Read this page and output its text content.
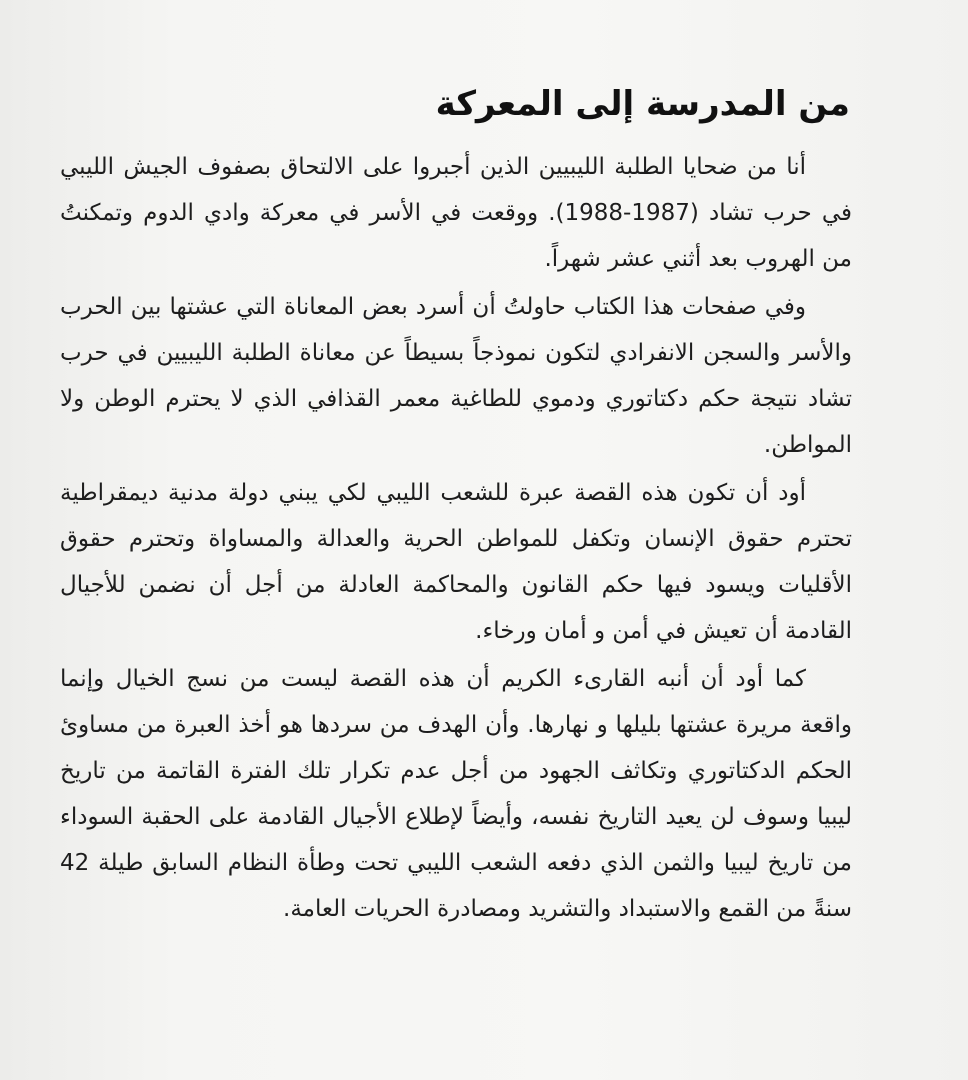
من المدرسة إلى المعركة

أنا من ضحايا الطلبة الليبيين الذين أجبروا على الالتحاق بصفوف الجيش الليبي في حرب تشاد (1987-1988). ووقعت في الأسر في معركة وادي الدوم وتمكنتُ من الهروب بعد أثني عشر شهراً.

وفي صفحات هذا الكتاب حاولتُ أن أسرد بعض المعاناة التي عشتها بين الحرب والأسر والسجن الانفرادي لتكون نموذجاً بسيطاً عن معاناة الطلبة الليبيين في حرب تشاد نتيجة حكم دكتاتوري ودموي للطاغية معمر القذافي الذي لا يحترم الوطن ولا المواطن.

أود أن تكون هذه القصة عبرة للشعب الليبي لكي يبني دولة مدنية ديمقراطية تحترم حقوق الإنسان وتكفل للمواطن الحرية والعدالة والمساواة وتحترم حقوق الأقليات ويسود فيها حكم القانون والمحاكمة العادلة من أجل أن نضمن للأجيال القادمة أن تعيش في أمن و أمان ورخاء.

كما أود أن أنبه القارىء الكريم أن هذه القصة ليست من نسج الخيال وإنما واقعة مريرة عشتها بليلها و نهارها. وأن الهدف من سردها هو أخذ العبرة من مساوئ الحكم الدكتاتوري وتكاثف الجهود من أجل عدم تكرار تلك الفترة القاتمة من تاريخ ليبيا وسوف لن يعيد التاريخ نفسه، وأيضاً لإطلاع الأجيال القادمة على الحقبة السوداء من تاريخ ليبيا والثمن الذي دفعه الشعب الليبي تحت وطأة النظام السابق طيلة 42 سنةً من القمع والاستبداد والتشريد ومصادرة الحريات العامة.
